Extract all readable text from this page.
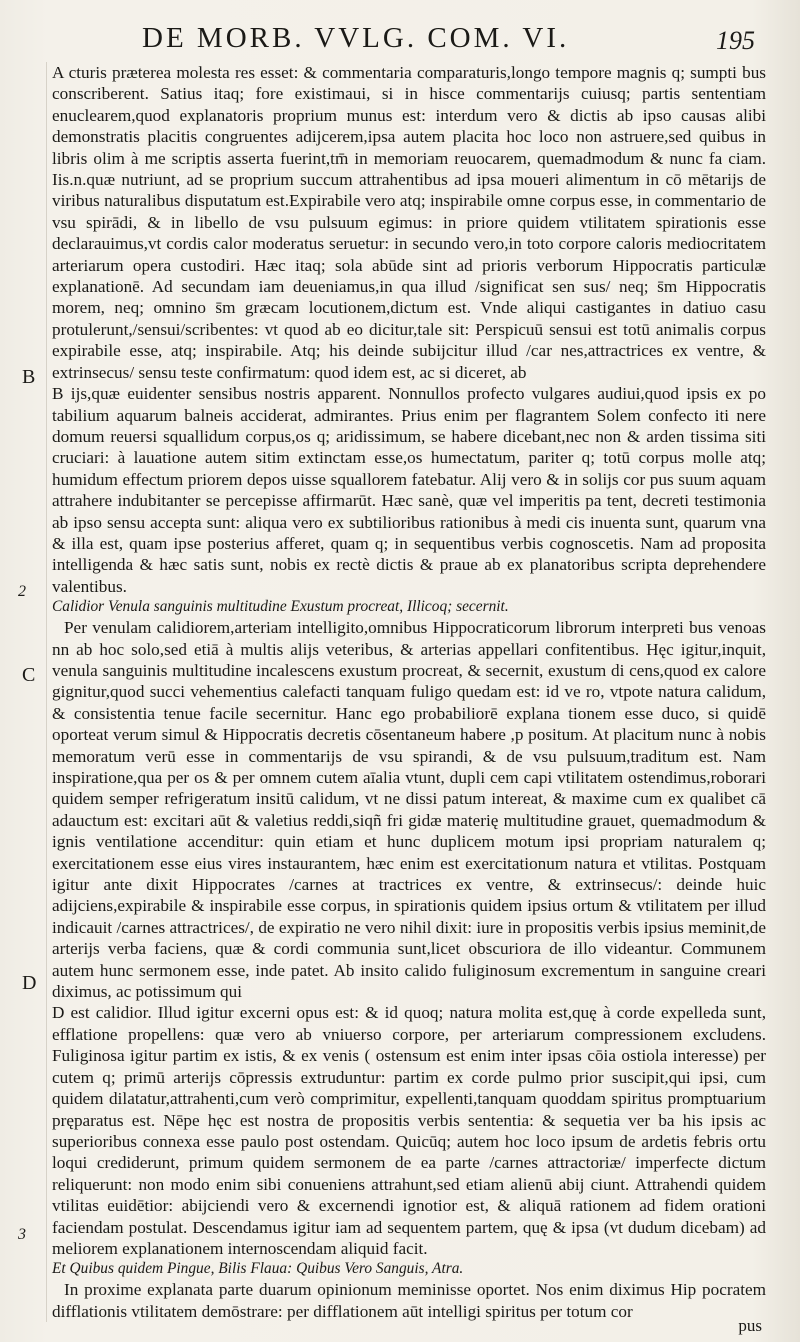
DE MORB. VVLG. COM. VI.	195
B
C
D
2
3

A cturis præterea molesta res esset: & commentaria comparaturis,longo tempore magnis q; sumpti bus conscriberent. Satius itaq; fore existimaui, si in hisce commentarijs cuiusq; partis sententiam enuclearem,quod explanatoris proprium munus est: interdum vero & dictis ab ipso causas alibi demonstratis placitis congruentes adijcerem,ipsa autem placita hoc loco non astruere,sed quibus in libris olim à me scriptis asserta fuerint,tm̄ in memoriam reuocarem, quemadmodum & nunc fa ciam. Iis.n.quæ nutriunt, ad se proprium succum attrahentibus ad ipsa moueri alimentum in cō mētarijs de viribus naturalibus disputatum est.Expirabile vero atq; inspirabile omne corpus esse, in commentario de vsu spirādi, & in libello de vsu pulsuum egimus: in priore quidem vtilitatem spirationis esse declarauimus,vt cordis calor moderatus seruetur: in secundo vero,in toto corpore caloris mediocritatem arteriarum opera custodiri. Hæc itaq; sola abūde sint ad prioris verborum Hippocratis particulæ explanationē. Ad secundam iam deueniamus,in qua illud /significat sen sus/ neq; s̄m Hippocratis morem, neq; omnino s̄m græcam locutionem,dictum est. Vnde aliqui castigantes in datiuo casu protulerunt,/sensui/scribentes: vt quod ab eo dicitur,tale sit: Perspicuū sensui est totū animalis corpus expirabile esse, atq; inspirabile. Atq; his deinde subijcitur illud /car nes,attractrices ex ventre, & extrinsecus/ sensu teste confirmatum: quod idem est, ac si diceret, ab

B ijs,quæ euidenter sensibus nostris apparent. Nonnullos profecto vulgares audiui,quod ipsis ex po tabilium aquarum balneis acciderat, admirantes. Prius enim per flagrantem Solem confecto iti nere domum reuersi squallidum corpus,os q; aridissimum, se habere dicebant,nec non & arden tissima siti cruciari: à lauatione autem sitim extinctam esse,os humectatum, pariter q; totū corpus molle atq; humidum effectum priorem depos uisse squallorem fatebatur. Alij vero & in solijs cor pus suum aquam attrahere indubitanter se percepisse affirmarūt. Hæc sanè, quæ vel imperitis pa tent, decreti testimonia ab ipso sensu accepta sunt: aliqua vero ex subtilioribus rationibus à medi cis inuenta sunt, quarum vna & illa est, quam ipse posterius afferet, quam q; in sequentibus verbis cognoscetis. Nam ad proposita intelligenda & hæc satis sunt, nobis ex rectè dictis & praue ab ex planatoribus scripta deprehendere valentibus.

Calidior Venula sanguinis multitudine Exustum procreat, Illicoq; secernit.

Per venulam calidiorem,arteriam intelligito,omnibus Hippocraticorum librorum interpreti bus venoas nn ab hoc solo,sed etiā à multis alijs veteribus, & arterias appellari confitentibus. Hęc igitur,inquit, venula sanguinis multitudine incalescens exustum procreat, & secernit, exustum di cens,quod ex calore gignitur,quod succi vehementius calefacti tanquam fuligo quedam est: id ve ro, vtpote natura calidum, & consistentia tenue facile secernitur. Hanc ego probabiliorē explana tionem esse duco, si quidē oporteat verum simul & Hippocratis decretis cōsentaneum habere ,p positum. At placitum nunc à nobis memoratum verū esse in commentarijs de vsu spirandi, & de vsu pulsuum,traditum est. Nam inspiratione,qua per os & per omnem cutem aīalia vtunt, dupli cem capi vtilitatem ostendimus,roborari quidem semper refrigeratum insitū calidum, vt ne dissi patum intereat, & maxime cum ex qualibet cā adauctum est: excitari aūt & valetius reddi,siqñ fri gidæ materię multitudine grauet, quemadmodum & ignis ventilatione accenditur: quin etiam et hunc duplicem motum ipsi propriam naturalem q; exercitationem esse eius vires instaurantem, hæc enim est exercitationum natura et vtilitas. Postquam igitur ante dixit Hippocrates /carnes at tractrices ex ventre, & extrinsecus/: deinde huic adijciens,expirabile & inspirabile esse corpus, in spirationis quidem ipsius ortum & vtilitatem per illud indicauit /carnes attractrices/, de expiratio ne vero nihil dixit: iure in propositis verbis ipsius meminit,de arterijs verba faciens, quæ & cordi communia sunt,licet obscuriora de illo videantur. Communem autem hunc sermonem esse, inde patet. Ab insito calido fuliginosum excrementum in sanguine creari diximus, ac potissimum qui

D est calidior. Illud igitur excerni opus est: & id quoq; natura molita est,quę à corde expelleda sunt, efflatione propellens: quæ vero ab vniuerso corpore, per arteriarum compressionem excludens. Fuliginosa igitur partim ex istis, & ex venis ( ostensum est enim inter ipsas cōia ostiola interesse) per cutem q; primū arterijs cōpressis extruduntur: partim ex corde pulmo prior suscipit,qui ipsi, cum quidem dilatatur,attrahenti,cum verò comprimitur, expellenti,tanquam quoddam spiritus promptuarium pręparatus est. Nēpe hęc est nostra de propositis verbis sententia: & sequetia ver ba his ipsis ac superioribus connexa esse paulo post ostendam. Quicūq; autem hoc loco ipsum de ardetis febris ortu loqui crediderunt, primum quidem sermonem de ea parte /carnes attractoriæ/ imperfecte dictum reliquerunt: non modo enim sibi conueniens attrahunt,sed etiam alienū abij ciunt. Attrahendi quidem vtilitas euidētior: abijciendi vero & excernendi ignotior est, & aliquā rationem ad fidem orationi faciendam postulat. Descendamus igitur iam ad sequentem partem, quę & ipsa (vt dudum dicebam) ad meliorem explanationem internoscendam aliquid facit.

Et Quibus quidem Pingue, Bilis Flaua: Quibus Vero Sanguis, Atra.

In proxime explanata parte duarum opinionum meminisse oportet. Nos enim diximus Hip pocratem difflationis vtilitatem demōstrare: per difflationem aūt intelligi spiritus per totum cor

pus
